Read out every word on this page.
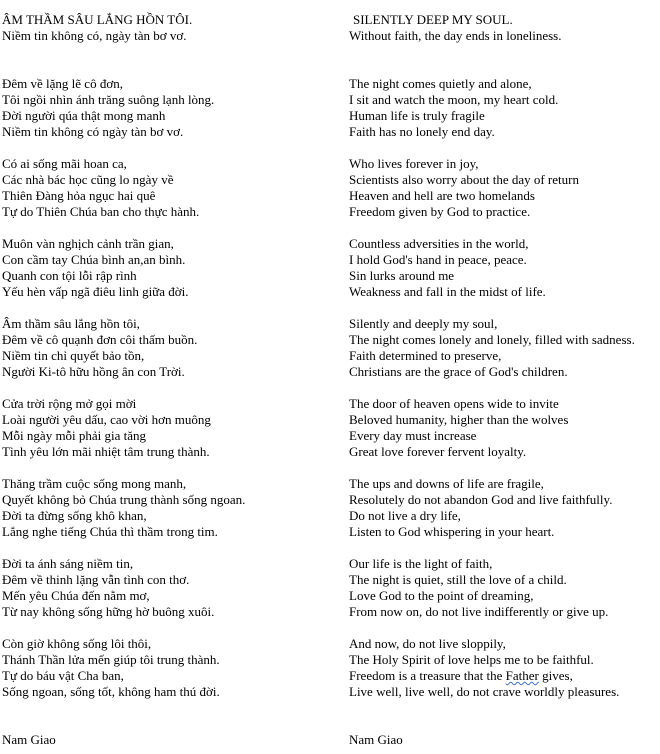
ÂM THẦM SÂU LẮNG HỒN TÔI.
Niềm tin không có, ngày tàn bơ vơ.
Đêm về lặng lẽ cô đơn,
Tôi ngồi nhìn ánh trăng suông lạnh lòng.
Đời người qúa thật mong manh
Niềm tin không có ngày tàn bơ vơ.
Có ai sống mãi hoan ca,
Các nhà bác học cũng lo ngày về
Thiên Đàng hỏa ngục hai quê
Tự do Thiên Chúa ban cho thực hành.
Muôn vàn nghịch cảnh trần gian,
Con cầm tay Chúa bình an,an bình.
Quanh con tội lỗi rập rình
Yếu hèn vấp ngã điêu linh giữa đời.
Âm thầm sâu lắng hồn tôi,
Đêm về cô quạnh đơn côi thấm buồn.
Niềm tin chỉ quyết bảo tồn,
Người Ki-tô hữu hồng ân con Trời.
Cửa trời rộng mở gọi mời
Loài người yêu dấu, cao vời hơn muông
Mỗi ngày mỗi phải gia tăng
Tình yêu lớn mãi nhiệt tâm trung thành.
Thăng trầm cuộc sống mong manh,
Quyết không bỏ Chúa trung thành sống ngoan.
Đời ta đừng sống khô khan,
Lắng nghe tiếng Chúa thì thầm trong tim.
Đời ta ánh sáng niềm tin,
Đêm về thinh lặng vẫn tình con thơ.
Mến yêu Chúa đến nằm mơ,
Từ nay không sống hững hờ buông xuôi.
Còn giờ không sống lôi thôi,
Thánh Thần lửa mến giúp tôi trung thành.
Tự do báu vật Cha ban,
Sống ngoan, sống tốt, không ham thú đời.
Nam Giao
SILENTLY DEEP MY SOUL.
Without faith, the day ends in loneliness.
The night comes quietly and alone,
I sit and watch the moon, my heart cold.
Human life is truly fragile
Faith has no lonely end day.
Who lives forever in joy,
Scientists also worry about the day of return
Heaven and hell are two homelands
Freedom given by God to practice.
Countless adversities in the world,
I hold God's hand in peace, peace.
Sin lurks around me
Weakness and fall in the midst of life.
Silently and deeply my soul,
The night comes lonely and lonely, filled with sadness.
Faith determined to preserve,
Christians are the grace of God's children.
The door of heaven opens wide to invite
Beloved humanity, higher than the wolves
Every day must increase
Great love forever fervent loyalty.
The ups and downs of life are fragile,
Resolutely do not abandon God and live faithfully.
Do not live a dry life,
Listen to God whispering in your heart.
Our life is the light of faith,
The night is quiet, still the love of a child.
Love God to the point of dreaming,
From now on, do not live indifferently or give up.
And now, do not live sloppily,
The Holy Spirit of love helps me to be faithful.
Freedom is a treasure that the Father gives,
Live well, live well, do not crave worldly pleasures.
Nam Giao
